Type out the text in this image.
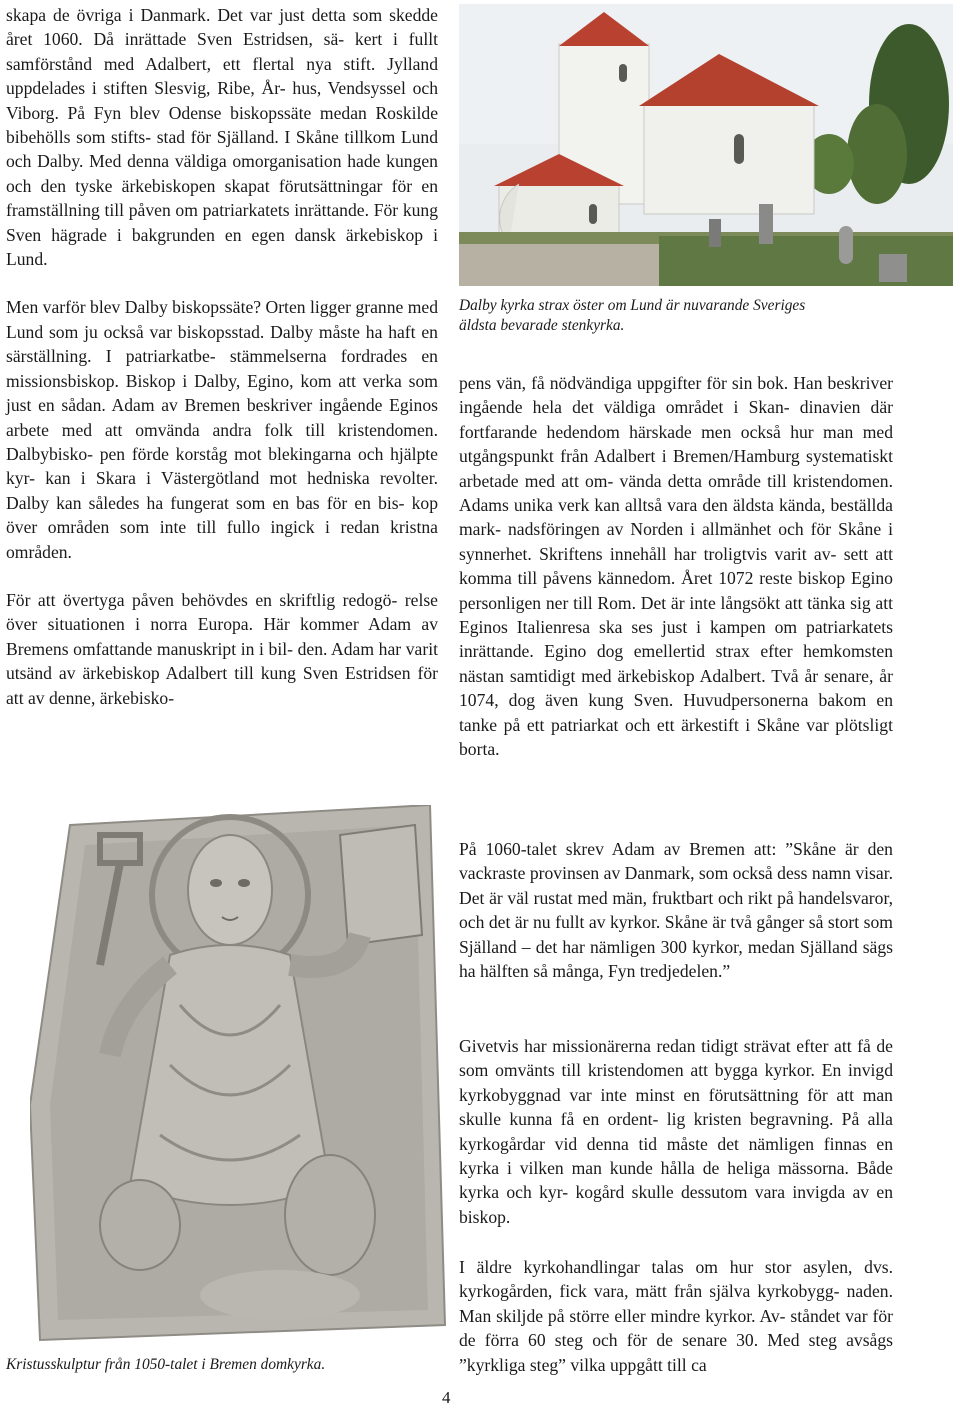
skapa de övriga i Danmark. Det var just detta som skedde året 1060. Då inrättade Sven Estridsen, sä- kert i fullt samförstånd med Adalbert, ett flertal nya stift. Jylland uppdelades i stiften Slesvig, Ribe, År- hus, Vendsyssel och Viborg. På Fyn blev Odense biskopssäte medan Roskilde bibehölls som stifts- stad för Själland. I Skåne tillkom Lund och Dalby. Med denna väldiga omorganisation hade kungen och den tyske ärkebiskopen skapat förutsättningar för en framställning till påven om patriarkatets inrättande. För kung Sven hägrade i bakgrunden en egen dansk ärkebiskop i Lund.

Men varför blev Dalby biskopssäte? Orten ligger granne med Lund som ju också var biskopsstad. Dalby måste ha haft en särställning. I patriarkatbe- stämmelserna fordrades en missionsbiskop. Biskop i Dalby, Egino, kom att verka som just en sådan. Adam av Bremen beskriver ingående Eginos arbete med att omvända andra folk till kristendomen. Dalbybisko- pen förde korståg mot blekingarna och hjälpte kyr- kan i Skara i Västergötland mot hedniska revolter. Dalby kan således ha fungerat som en bas för en bis- kop över områden som inte till fullo ingick i redan kristna områden.

För att övertyga påven behövdes en skriftlig redogö- relse över situationen i norra Europa. Här kommer Adam av Bremens omfattande manuskript in i bil- den. Adam har varit utsänd av ärkebiskop Adalbert till kung Sven Estridsen för att av denne, ärkebisko-

Dalby kyrka strax öster om Lund är nuvarande Sveriges
äldsta bevarade stenkyrka.

pens vän, få nödvändiga uppgifter för sin bok. Han beskriver ingående hela det väldiga området i Skan- dinavien där fortfarande hedendom härskade men också hur man med utgångspunkt från Adalbert i Bremen/Hamburg systematiskt arbetade med att om- vända detta område till kristendomen. Adams unika verk kan alltså vara den äldsta kända, beställda mark- nadsföringen av Norden i allmänhet och för Skåne i synnerhet. Skriftens innehåll har troligtvis varit av- sett att komma till påvens kännedom. Året 1072 reste biskop Egino personligen ner till Rom. Det är inte långsökt att tänka sig att Eginos Italienresa ska ses just i kampen om patriarkatets inrättande. Egino dog emellertid strax efter hemkomsten nästan samtidigt med ärkebiskop Adalbert. Två år senare, år 1074, dog även kung Sven. Huvudpersonerna bakom en tanke på ett patriarkat och ett ärkestift i Skåne var plötsligt borta.

På 1060-talet skrev Adam av Bremen att: ”Skåne är den vackraste provinsen av Danmark, som också dess namn visar. Det är väl rustat med män, fruktbart och rikt på handelsvaror, och det är nu fullt av kyrkor. Skåne är två gånger så stort som Själland – det har nämligen 300 kyrkor, medan Själland sägs ha hälften så många, Fyn tredjedelen.”

Givetvis har missionärerna redan tidigt strävat efter att få de som omvänts till kristendomen att bygga kyrkor. En invigd kyrkobyggnad var inte minst en förutsättning för att man skulle kunna få en ordent- lig kristen begravning. På alla kyrkogårdar vid denna tid måste det nämligen finnas en kyrka i vilken man kunde hålla de heliga mässorna. Både kyrka och kyr- kogård skulle dessutom vara invigda av en biskop.

I äldre kyrkohandlingar talas om hur stor asylen, dvs. kyrkogården, fick vara, mätt från själva kyrkobygg- naden. Man skiljde på större eller mindre kyrkor. Av- ståndet var för de förra 60 steg och för de senare 30. Med steg avsågs ”kyrkliga steg” vilka uppgått till ca

Kristusskulptur från 1050-talet i Bremen domkyrka.
4
